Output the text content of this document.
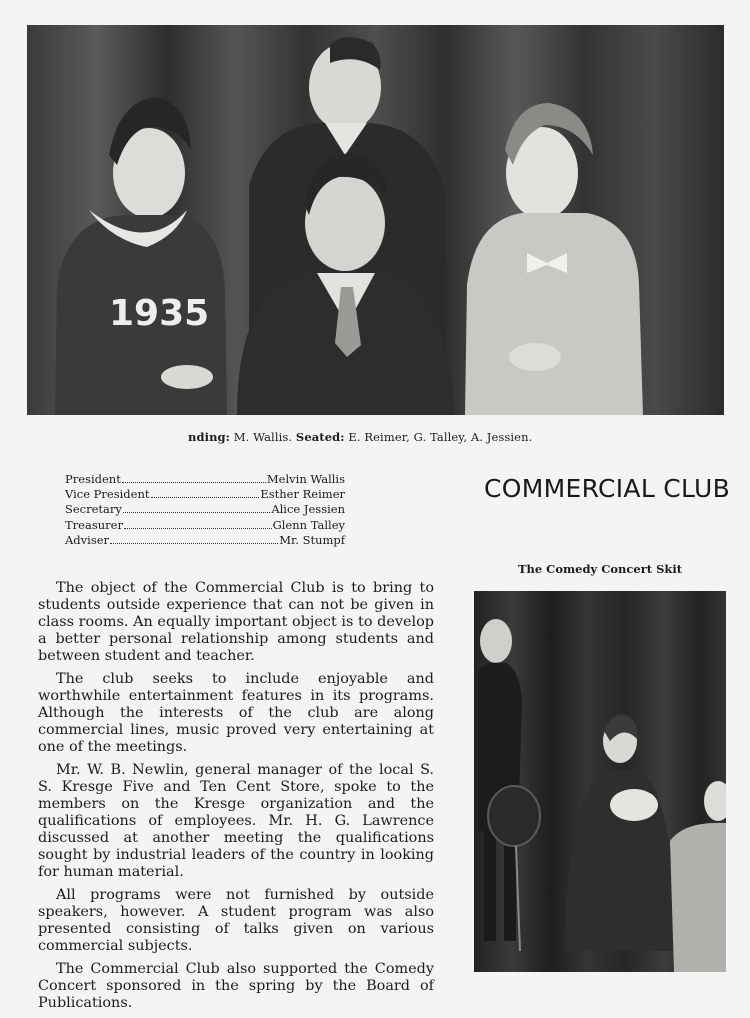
1935
nding: M. Wallis. Seated: E. Reimer, G. Talley, A. Jessien.
President	Melvin Wallis
Vice President	Esther Reimer
Secretary	Alice Jessien
Treasurer	Glenn Talley
Adviser	Mr. Stumpf
COMMERCIAL CLUB
The Comedy Concert Skit

The object of the Commercial Club is to bring to students outside experience that can not be given in class rooms. An equally important object is to develop a better personal relationship among students and between student and teacher.

The club seeks to include enjoyable and worthwhile entertainment features in its programs. Although the interests of the club are along commercial lines, music proved very entertaining at one of the meetings.

Mr. W. B. Newlin, general manager of the local S. S. Kresge Five and Ten Cent Store, spoke to the members on the Kresge organization and the qualifications of employees. Mr. H. G. Lawrence discussed at another meeting the qualifications sought by industrial leaders of the country in looking for human material.

All programs were not furnished by outside speakers, however. A student program was also presented consisting of talks given on various commercial subjects.

The Commercial Club also supported the Comedy Concert sponsored in the spring by the Board of Publications.
